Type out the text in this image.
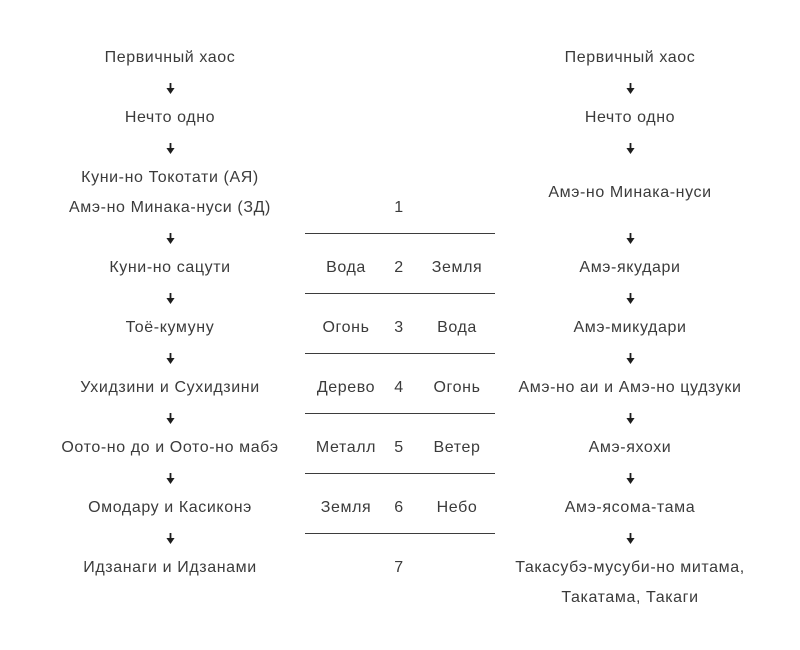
Первичный хаос
Нечто одно
Куни-но Токотати (АЯ)
Амэ-но Минака-нуси (ЗД)
Куни-но сацути
Тоё-кумуну
Ухидзини и Сухидзини
Оото-но до и Оото-но мабэ
Омодару и Касиконэ
Идзанаги и Идзанами
1
Вода	2	Земля
Огонь	3	Вода
Дерево	4	Огонь
Металл	5	Ветер
Земля	6	Небо
7
Первичный хаос
Нечто одно
Амэ-но Минака-нуси
Амэ-якудари
Амэ-микудари
Амэ-но аи и Амэ-но цудзуки
Амэ-яхохи
Амэ-ясома-тама
Такасубэ-мусуби-но митама,
Такатама, Такаги
